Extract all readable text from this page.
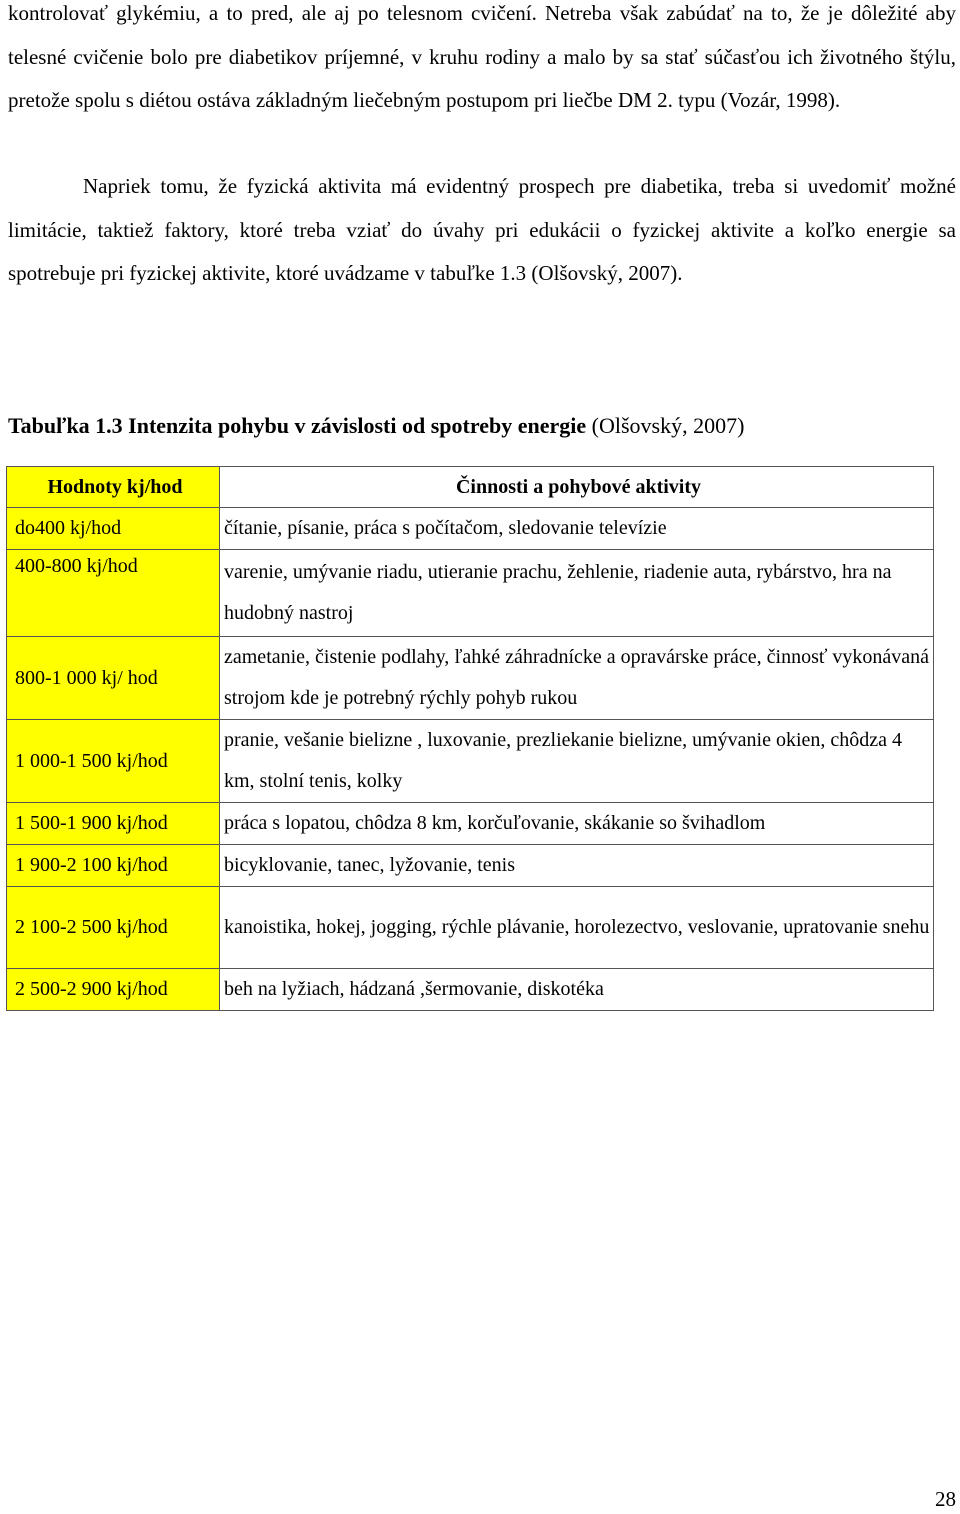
kontrolovať glykémiu, a to pred, ale aj po telesnom cvičení. Netreba však zabúdať na to, že je dôležité aby telesné cvičenie bolo pre diabetikov príjemné, v kruhu rodiny a malo by sa stať súčasťou ich životného štýlu, pretože spolu s diétou ostáva základným liečebným postupom pri liečbe DM 2. typu (Vozár, 1998).

Napriek tomu, že fyzická aktivita má evidentný prospech pre diabetika, treba si uvedomiť možné limitácie, taktiež faktory, ktoré treba vziať do úvahy pri edukácii o fyzickej aktivite a koľko energie sa spotrebuje pri fyzickej aktivite, ktoré uvádzame v tabuľke 1.3 (Olšovský, 2007).

Tabuľka 1.3 Intenzita pohybu v závislosti od spotreby energie (Olšovský, 2007)

Hodnoty kj/hod	Činnosti a pohybové aktivity
do400 kj/hod	čítanie, písanie, práca s počítačom, sledovanie televízie
400-800 kj/hod	varenie, umývanie riadu, utieranie prachu, žehlenie, riadenie auta, rybárstvo, hra na hudobný nastroj
800-1 000 kj/ hod	zametanie, čistenie podlahy, ľahké záhradnícke a opravárske práce, činnosť vykonávaná strojom kde je potrebný rýchly pohyb rukou
1 000-1 500 kj/hod	pranie, vešanie bielizne , luxovanie, prezliekanie bielizne, umývanie okien, chôdza 4 km, stolní tenis, kolky
1 500-1 900 kj/hod	práca s lopatou, chôdza 8 km, korčuľovanie, skákanie so švihadlom
1 900-2 100 kj/hod	bicyklovanie, tanec, lyžovanie, tenis
2 100-2 500 kj/hod	kanoistika, hokej, jogging, rýchle plávanie, horolezectvo, veslovanie, upratovanie snehu
2 500-2 900 kj/hod	beh na lyžiach, hádzaná ,šermovanie, diskotéka
28
